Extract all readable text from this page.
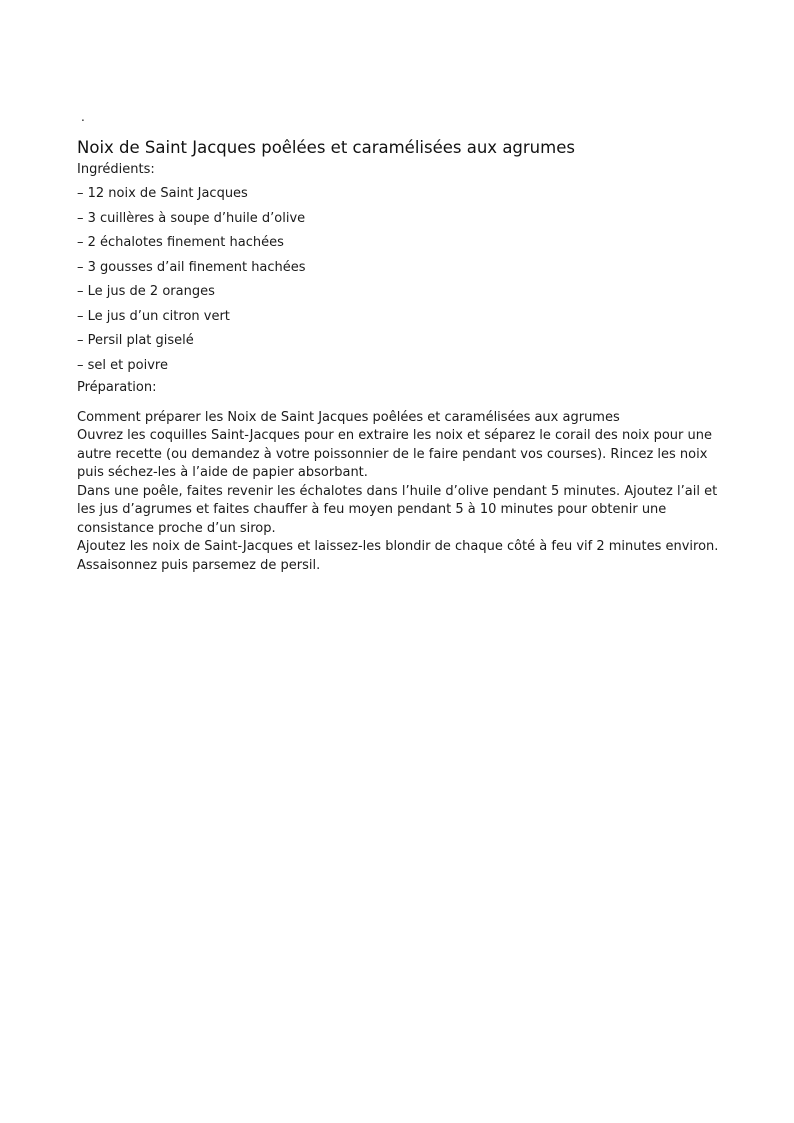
.
Noix de Saint Jacques poêlées et caramélisées aux agrumes

Ingrédients:

– 12 noix de Saint Jacques
– 3 cuillères à soupe d’huile d’olive
– 2 échalotes finement hachées
– 3 gousses d’ail finement hachées
– Le jus de 2 oranges
– Le jus d’un citron vert
– Persil plat giselé
– sel et poivre

Préparation:

Comment préparer les Noix de Saint Jacques poêlées et caramélisées aux agrumes

Ouvrez les coquilles Saint-Jacques pour en extraire les noix et séparez le corail des noix pour une autre recette (ou demandez à votre poissonnier de le faire pendant vos courses). Rincez les noix puis séchez-les à l’aide de papier absorbant.

Dans une poêle, faites revenir les échalotes dans l’huile d’olive pendant 5 minutes. Ajoutez l’ail et les jus d’agrumes et faites chauffer à feu moyen pendant 5 à 10 minutes pour obtenir une consistance proche d’un sirop.

Ajoutez les noix de Saint-Jacques et laissez-les blondir de chaque côté à feu vif 2 minutes environ. Assaisonnez puis parsemez de persil.
